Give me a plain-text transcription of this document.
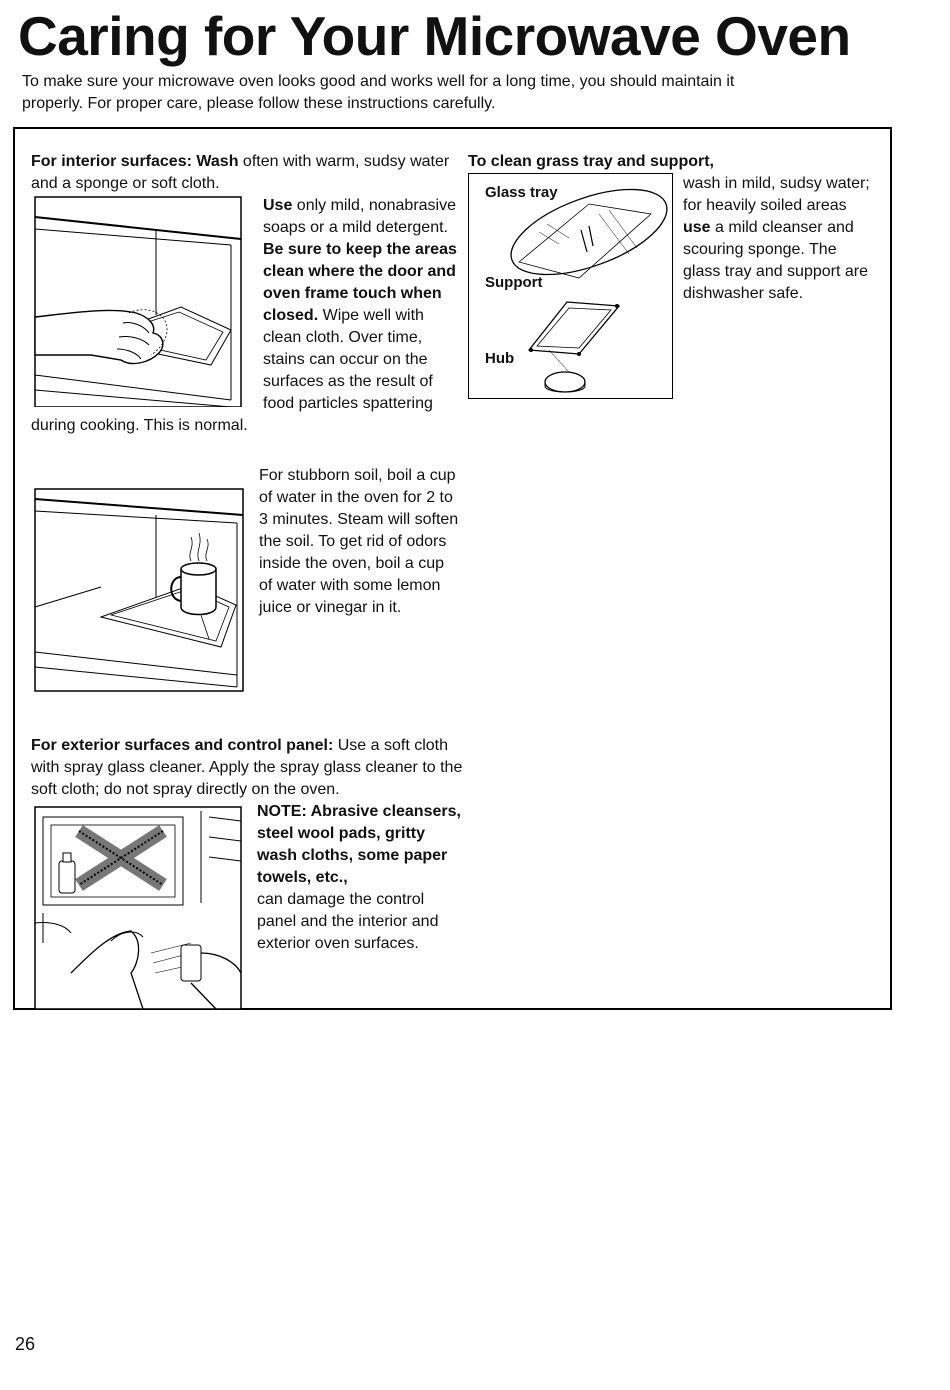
Caring for Your Microwave Oven

To make sure your microwave oven looks good and works well for a long time, you should maintain it properly. For proper care, please follow these instructions carefully.

For interior surfaces: Wash often with warm, sudsy water and a sponge or soft cloth.

Use only mild, nonabrasive soaps or a mild detergent. Be sure to keep the areas clean where the door and oven frame touch when closed. Wipe well with clean cloth. Over time, stains can occur on the surfaces as the result of food particles spattering during cooking. This is normal.

For stubborn soil, boil a cup of water in the oven for 2 to 3 minutes. Steam will soften the soil. To get rid of odors inside the oven, boil a cup of water with some lemon juice or vinegar in it.

For exterior surfaces and control panel: Use a soft cloth with spray glass cleaner. Apply the spray glass cleaner to the soft cloth; do not spray directly on the oven.
NOTE: Abrasive cleansers, steel wool pads, gritty wash cloths, some paper towels, etc.,
can damage the control panel and the interior and exterior oven surfaces.

To clean grass tray and support,

Glass tray
Support
Hub

wash in mild, sudsy water; for heavily soiled areas use a mild cleanser and scouring sponge. The glass tray and support are dishwasher safe.

26
